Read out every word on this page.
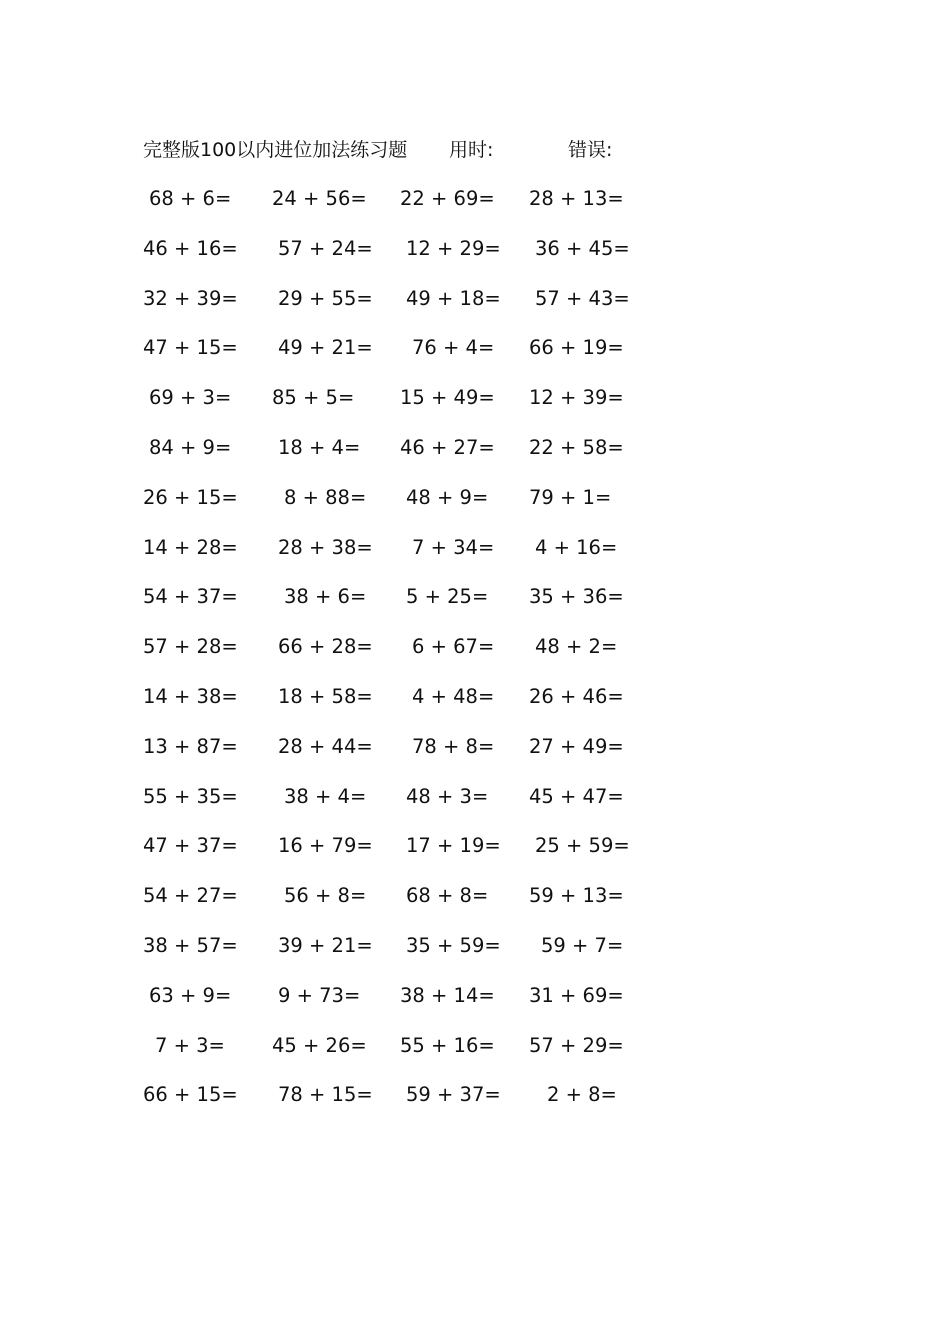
完整版100以内进位加法练习题 用时:	错误:
68 + 6=	24 + 56=	22 + 69=	28 + 13=
46 + 16=	57 + 24=	12 + 29=	36 + 45=
32 + 39=	29 + 55=	49 + 18=	57 + 43=
47 + 15=	49 + 21=	76 + 4=	66 + 19=
69 + 3=	85 + 5=	15 + 49=	12 + 39=
84 + 9=	18 + 4=	46 + 27=	22 + 58=
26 + 15=	8 + 88=	48 + 9=	79 + 1=
14 + 28=	28 + 38=	7 + 34=	4 + 16=
54 + 37=	38 + 6=	5 + 25=	35 + 36=
57 + 28=	66 + 28=	6 + 67=	48 + 2=
14 + 38=	18 + 58=	4 + 48=	26 + 46=
13 + 87=	28 + 44=	78 + 8=	27 + 49=
55 + 35=	38 + 4=	48 + 3=	45 + 47=
47 + 37=	16 + 79=	17 + 19=	25 + 59=
54 + 27=	56 + 8=	68 + 8=	59 + 13=
38 + 57=	39 + 21=	35 + 59=	59 + 7=
63 + 9=	9 + 73=	38 + 14=	31 + 69=
7 + 3=	45 + 26=	55 + 16=	57 + 29=
66 + 15=	78 + 15=	59 + 37=	2 + 8=
